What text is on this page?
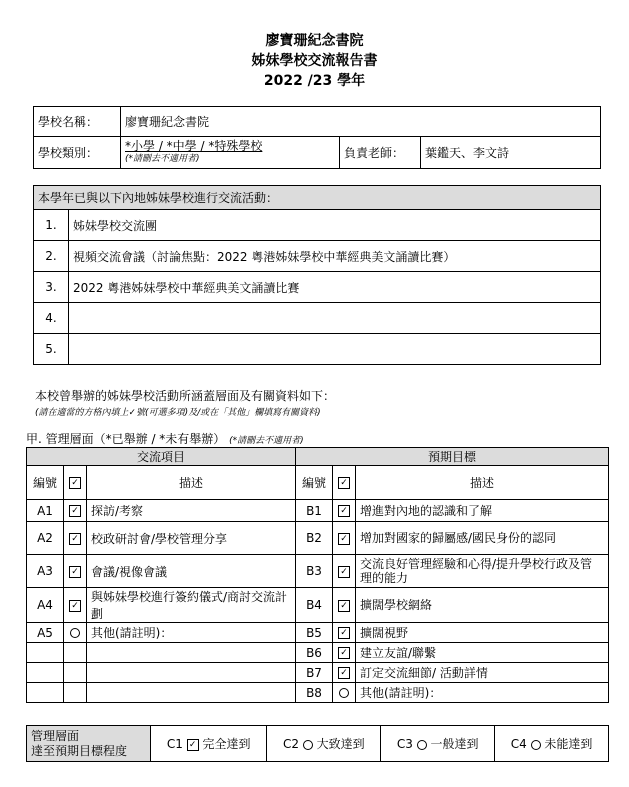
廖寶珊紀念書院
姊妹學校交流報告書
2022 /23 學年
學校名稱：	廖寶珊紀念書院		
學校類別：	*小學 / *中學 / *特殊學校
(*請刪去不適用者)	負責老師：	葉鑑天、李文詩
本學年已與以下內地姊妹學校進行交流活動：	
1.	姊妹學校交流團
2.	視頻交流會議（討論焦點：2022 粵港姊妹學校中華經典美文誦讀比賽）
3.	2022 粵港姊妹學校中華經典美文誦讀比賽
4.	
5.	
本校曾舉辦的姊妹學校活動所涵蓋層面及有關資料如下：
(請在適當的方格內填上✓號(可選多項)及/或在「其他」欄填寫有關資料)
甲. 管理層面（*已舉辦 / *未有舉辦） (*請刪去不適用者)
交流項目			預期目標		
編號	✓	描述	編號	✓	描述
A1	✓	探訪/考察	B1	✓	增進對內地的認識和了解
A2	✓	校政研討會/學校管理分享	B2	✓	增加對國家的歸屬感/國民身份的認同
A3	✓	會議/視像會議	B3	✓	交流良好管理經驗和心得/提升學校行政及管理的能力
A4	✓	與姊妹學校進行簽約儀式/商討交流計劃	B4	✓	擴闊學校網絡
A5		其他(請註明)：	B5	✓	擴闊視野
			B6	✓	建立友誼/聯繫
			B7	✓	訂定交流細節/ 活動詳情
			B8		其他(請註明)：
管理層面
達至預期目標程度	C1 ✓ 完全達到	C2 大致達到	C3 一般達到	C4 未能達到
